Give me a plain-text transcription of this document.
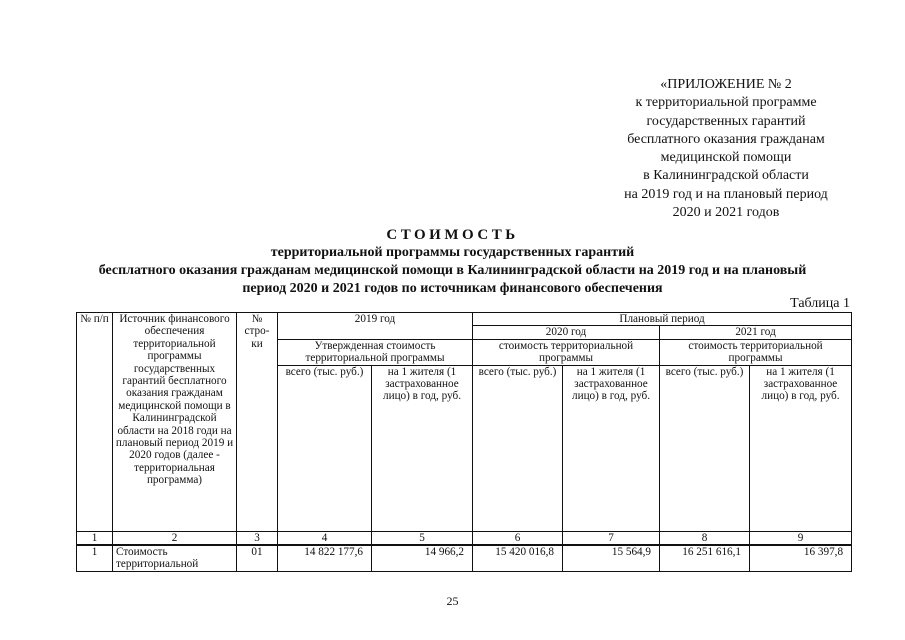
«ПРИЛОЖЕНИЕ № 2
к территориальной программе
государственных гарантий
бесплатного оказания гражданам
медицинской помощи
в Калининградской области
на 2019 год и на плановый период
2020 и 2021 годов
СТОИМОСТЬ
территориальной программы государственных гарантий
бесплатного оказания гражданам медицинской помощи в Калининградской области на 2019 год и на плановый
период 2020 и 2021 годов по источникам финансового обеспечения
Таблица 1
№ п/п	Источник финансового обеспечения территориальной программы государственных гарантий бесплатного оказания гражданам медицинской помощи в Калининградской области на 2018 годи на плановый период 2019 и 2020 годов (далее - территориальная программа)	№ стро-ки	2019 год		Плановый период			
					2020 год		2021 год	
			Утвержденная стоимость территориальной программы		стоимость территориальной программы		стоимость территориальной программы	
			всего (тыс. руб.)	на 1 жителя (1 застрахованное лицо) в год, руб.	всего (тыс. руб.)	на 1 жителя (1 застрахованное лицо) в год, руб.	всего (тыс. руб.)	на 1 жителя (1 застрахованное лицо) в год, руб.
1	2	3	4	5	6	7	8	9
1	Стоимость территориальной	01	14 822 177,6	14 966,2	15 420 016,8	15 564,9	16 251 616,1	16 397,8
25
